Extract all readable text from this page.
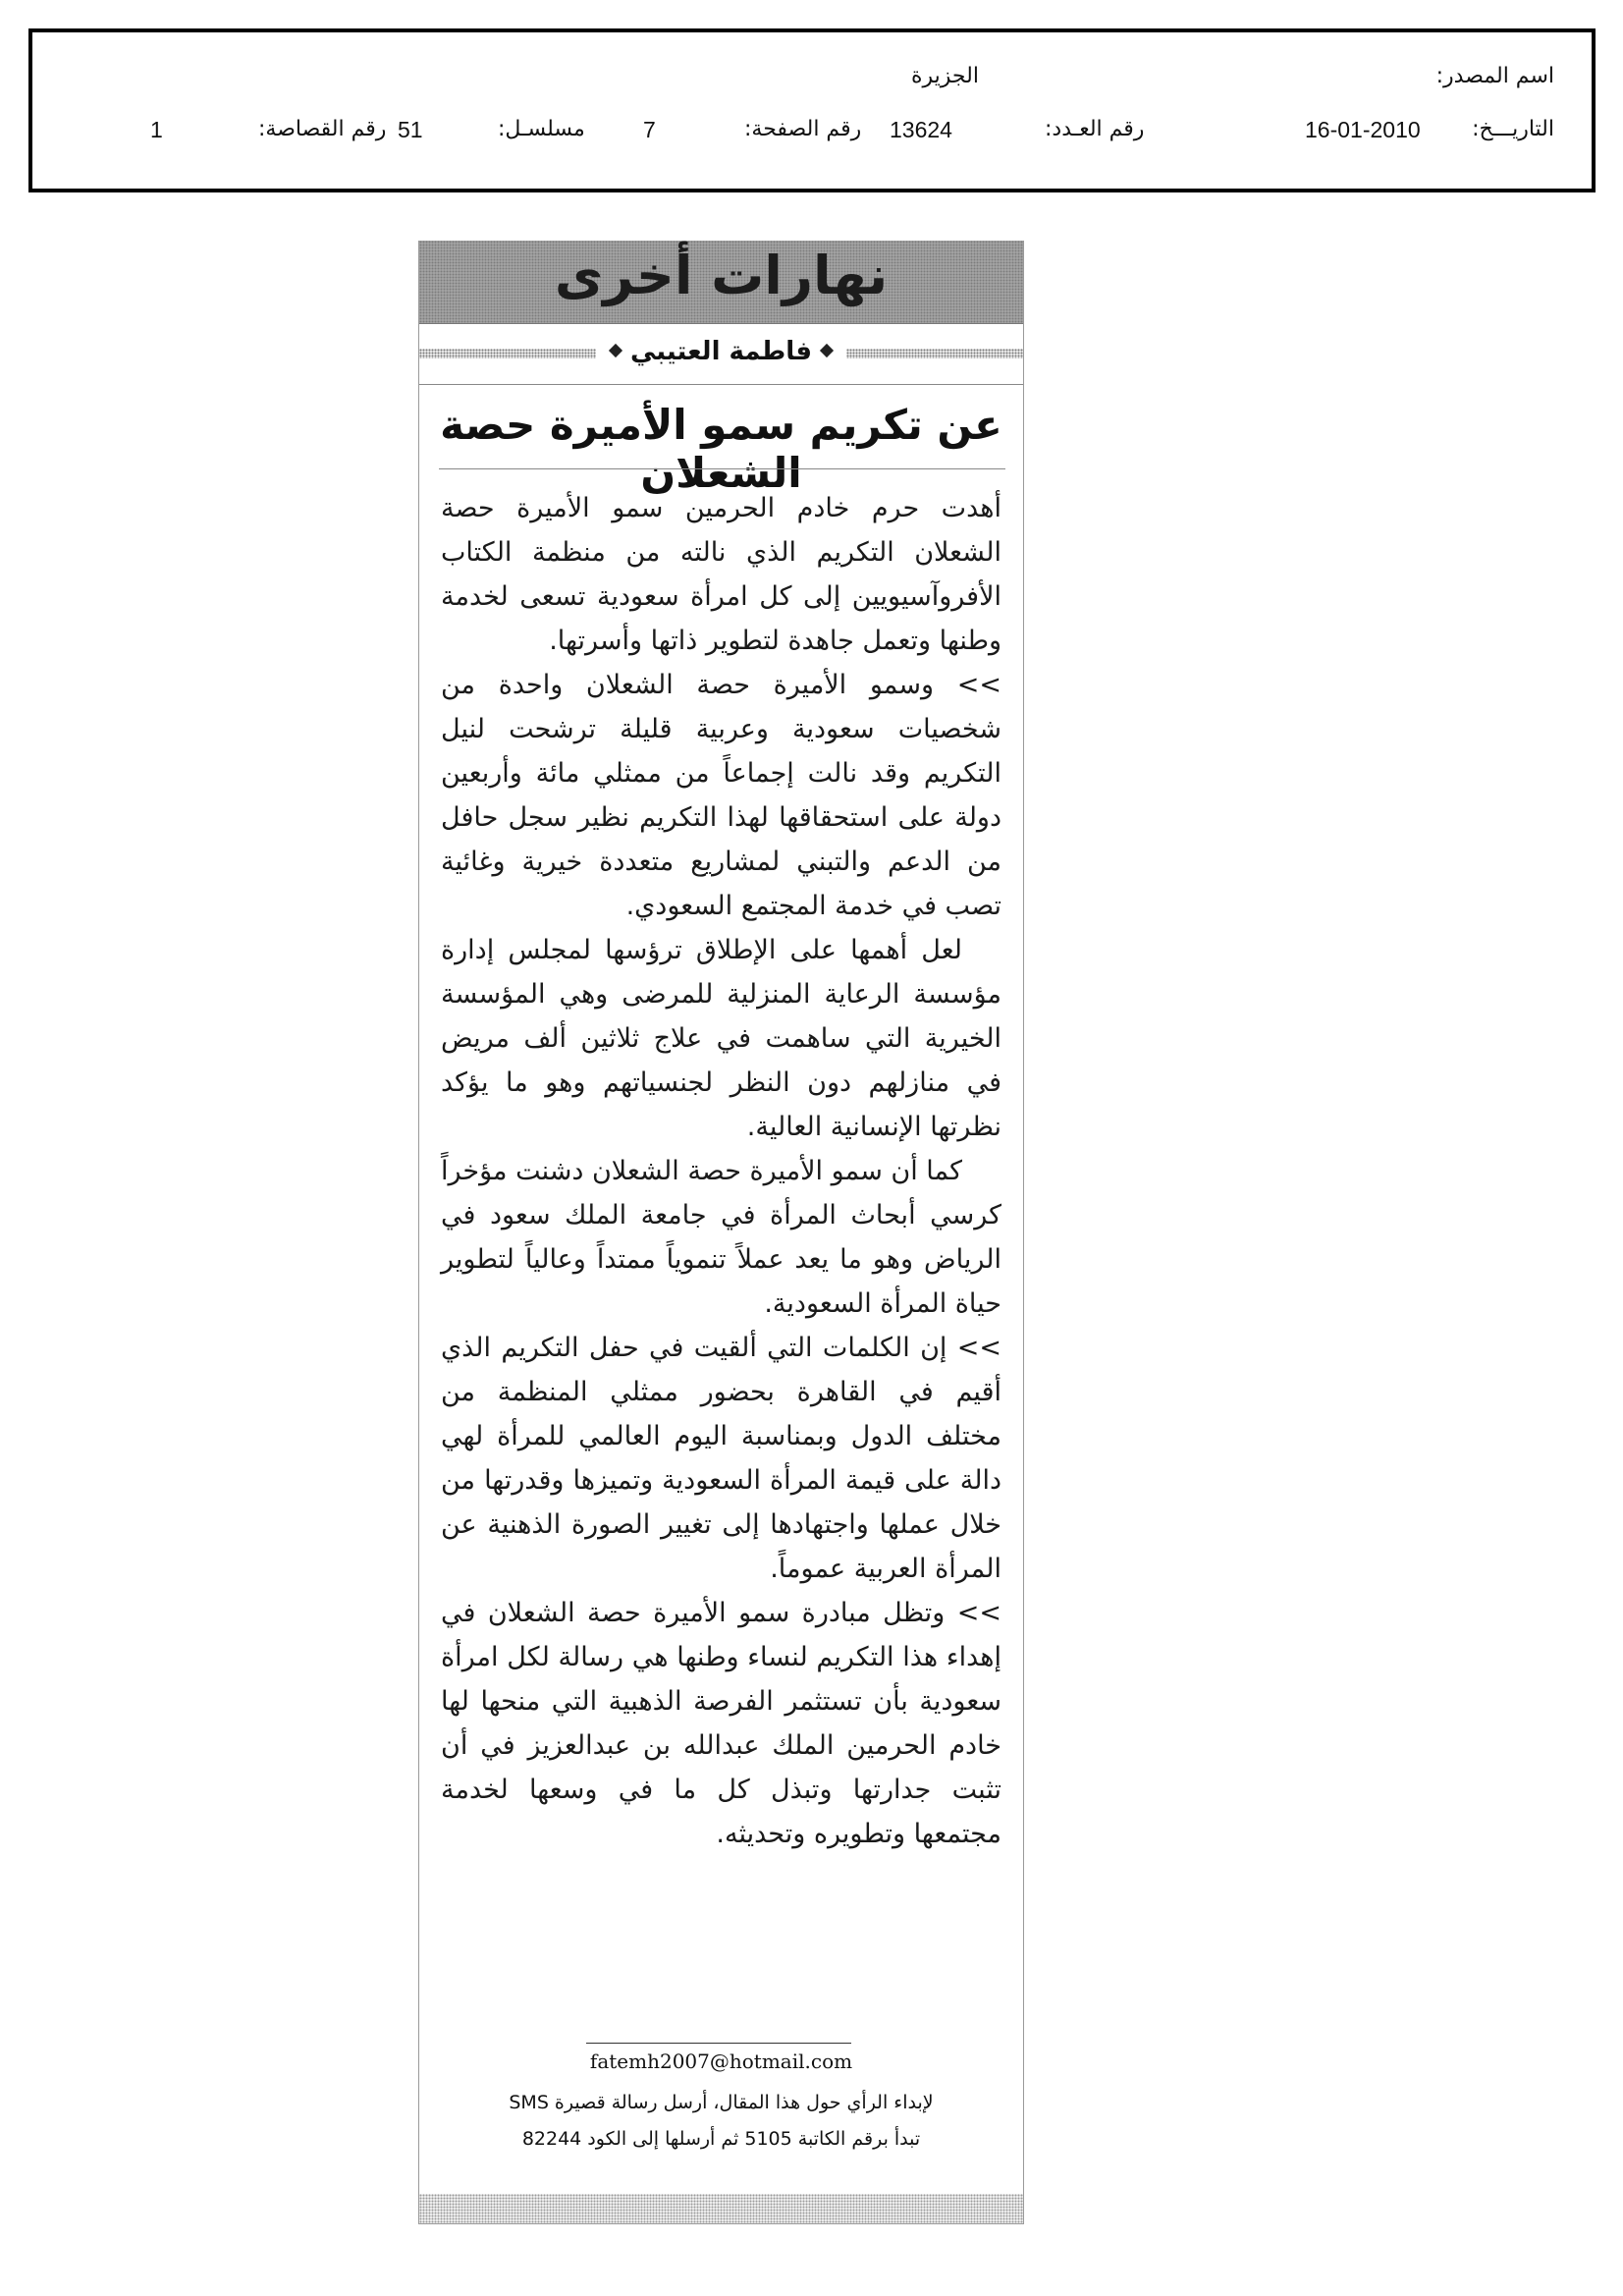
اسم المصدر:
الجزيرة
التاريـــخ:
16-01-2010
رقم العـدد:
13624
رقم الصفحة:
7
مسلسـل:
51
رقم القصاصة:
1
نهارات أخرى
فاطمة العتيبي
عن تكريم سمو الأميرة حصة الشعلان

أهدت حرم خادم الحرمين سمو الأميرة حصة الشعلان التكريم الذي نالته من منظمة الكتاب الأفروآسيويين إلى كل امرأة سعودية تسعى لخدمة وطنها وتعمل جاهدة لتطوير ذاتها وأسرتها.

>> وسمو الأميرة حصة الشعلان واحدة من شخصيات سعودية وعربية قليلة ترشحت لنيل التكريم وقد نالت إجماعاً من ممثلي مائة وأربعين دولة على استحقاقها لهذا التكريم نظير سجل حافل من الدعم والتبني لمشاريع متعددة خيرية وغائية تصب في خدمة المجتمع السعودي.

لعل أهمها على الإطلاق ترؤسها لمجلس إدارة مؤسسة الرعاية المنزلية للمرضى وهي المؤسسة الخيرية التي ساهمت في علاج ثلاثين ألف مريض في منازلهم دون النظر لجنسياتهم وهو ما يؤكد نظرتها الإنسانية العالية.

كما أن سمو الأميرة حصة الشعلان دشنت مؤخراً كرسي أبحاث المرأة في جامعة الملك سعود في الرياض وهو ما يعد عملاً تنموياً ممتداً وعالياً لتطوير حياة المرأة السعودية.

>> إن الكلمات التي ألقيت في حفل التكريم الذي أقيم في القاهرة بحضور ممثلي المنظمة من مختلف الدول وبمناسبة اليوم العالمي للمرأة لهي دالة على قيمة المرأة السعودية وتميزها وقدرتها من خلال عملها واجتهادها إلى تغيير الصورة الذهنية عن المرأة العربية عموماً.

>> وتظل مبادرة سمو الأميرة حصة الشعلان في إهداء هذا التكريم لنساء وطنها هي رسالة لكل امرأة سعودية بأن تستثمر الفرصة الذهبية التي منحها لها خادم الحرمين الملك عبدالله بن عبدالعزيز في أن تثبت جدارتها وتبذل كل ما في وسعها لخدمة مجتمعها وتطويره وتحديثه.

fatemh2007@hotmail.com
لإبداء الرأي حول هذا المقال، أرسل رسالة قصيرة SMS
تبدأ برقم الكاتبة 5105 ثم أرسلها إلى الكود 82244
